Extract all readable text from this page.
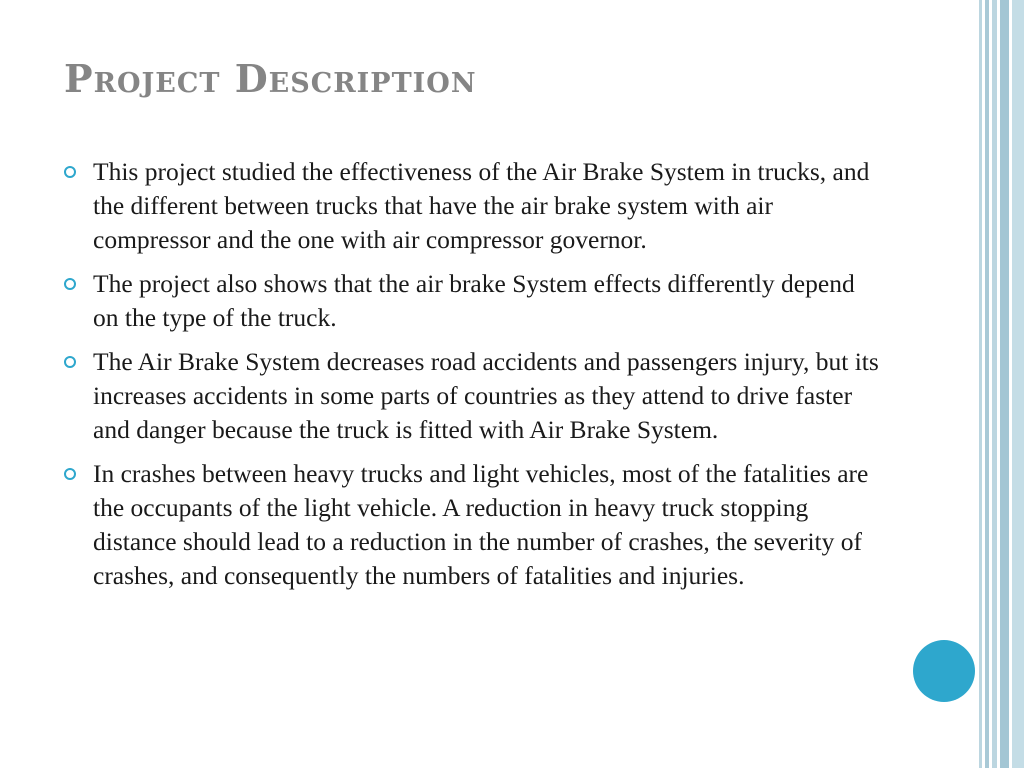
Project Description
This project studied the effectiveness of the Air Brake System in trucks, and the different between trucks that have the air brake system with air compressor and the one with air compressor governor.
The project also shows that the air brake System effects differently depend on the type of the truck.
The Air Brake System decreases road accidents and passengers injury, but its increases accidents in some parts of countries as they attend to drive faster and danger because the truck is fitted with Air Brake System.
In crashes between heavy trucks and light vehicles, most of the fatalities are the occupants of the light vehicle. A reduction in heavy truck stopping distance should lead to a reduction in the number of crashes, the severity of crashes, and consequently the numbers of fatalities and injuries.
